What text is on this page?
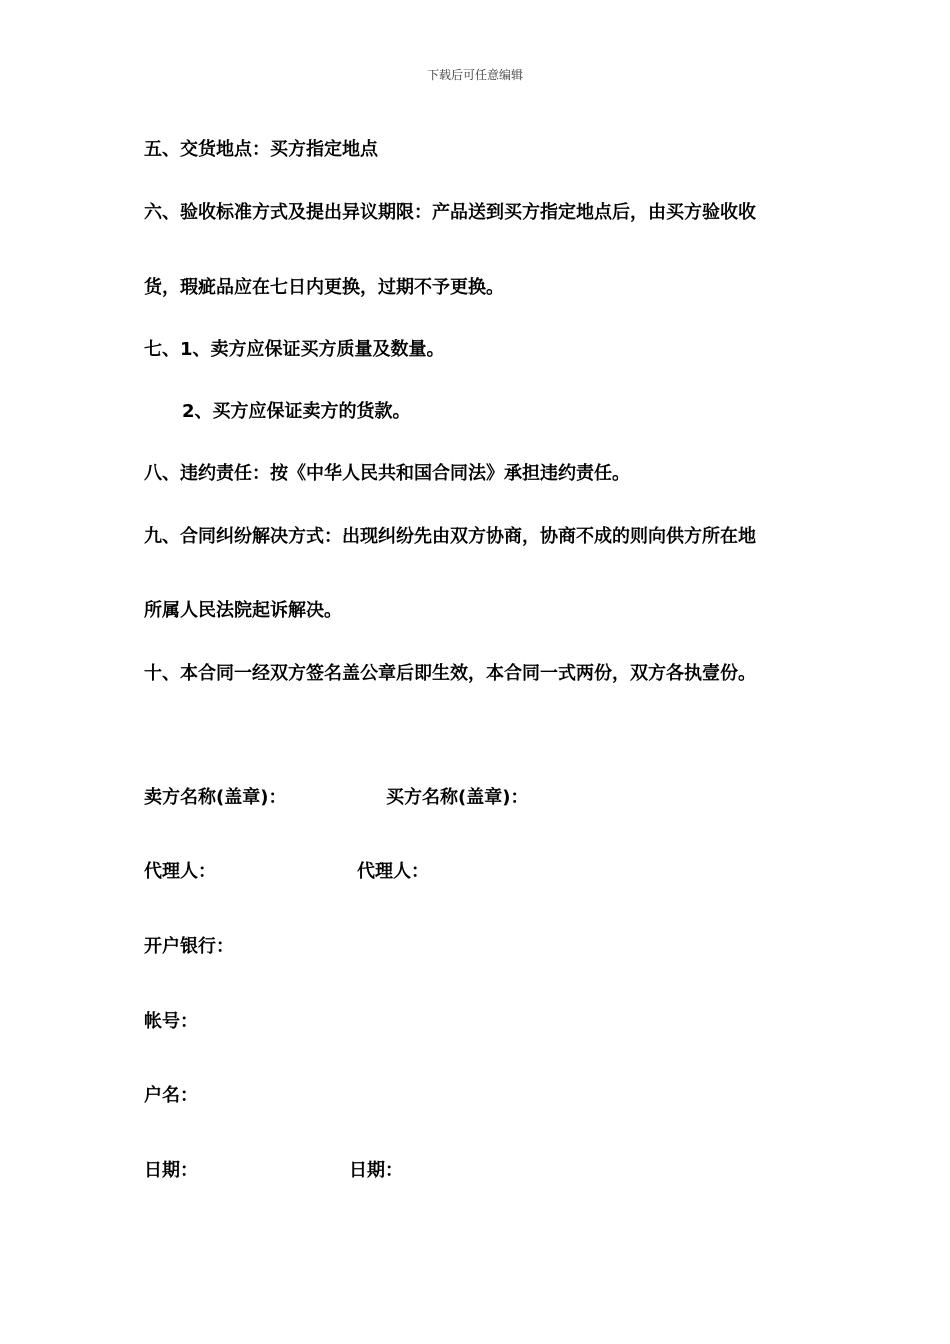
下载后可任意编辑
五、交货地点：买方指定地点
六、验收标准方式及提出异议期限：产品送到买方指定地点后，由买方验收收
货，瑕疵品应在七日内更换，过期不予更换。
七、1、卖方应保证买方质量及数量。
2、买方应保证卖方的货款。
八、违约责任：按《中华人民共和国合同法》承担违约责任。
九、合同纠纷解决方式：出现纠纷先由双方协商，协商不成的则向供方所在地
所属人民法院起诉解决。
十、本合同一经双方签名盖公章后即生效，本合同一式两份，双方各执壹份。
卖方名称(盖章)：	买方名称(盖章)：
代理人：	代理人：
开户银行：
帐号：
户名：
日期：	日期：
